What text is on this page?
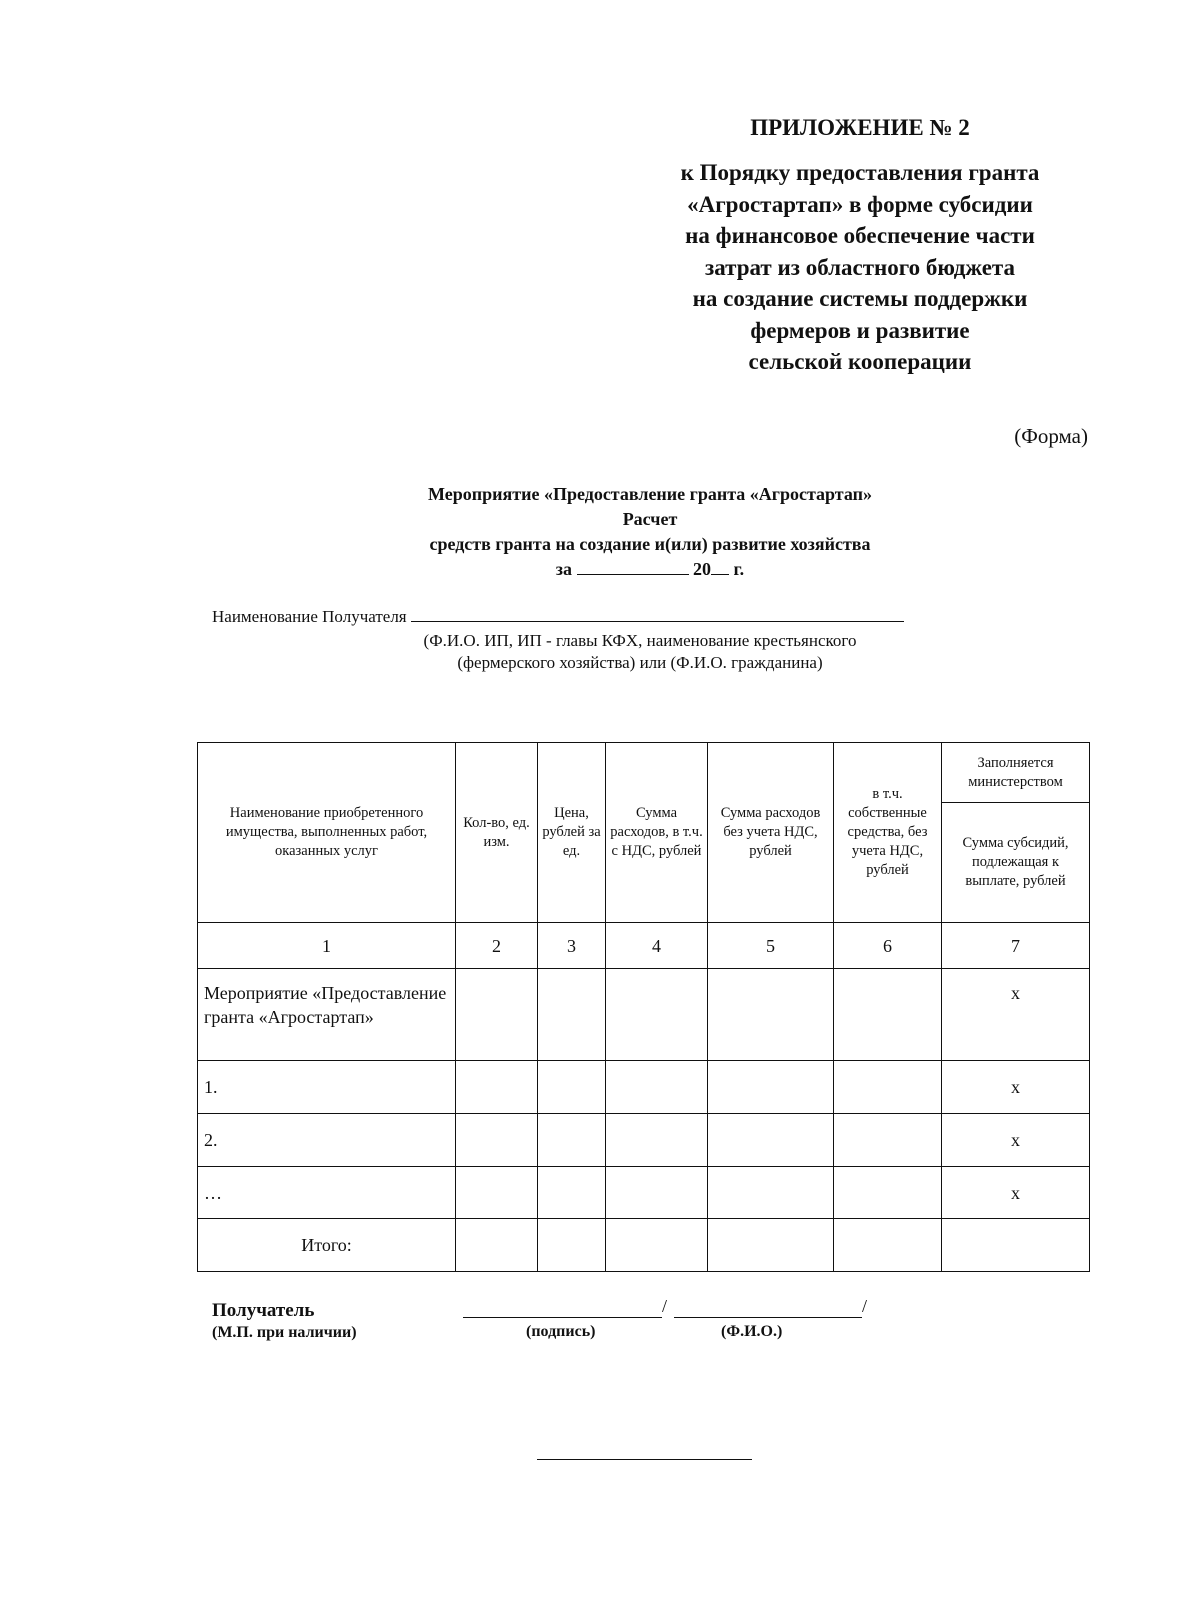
ПРИЛОЖЕНИЕ № 2
к Порядку предоставления гранта
«Агростартап» в форме субсидии
на финансовое обеспечение части
затрат из областного бюджета
на создание системы поддержки
фермеров и развитие
сельской кооперации
(Форма)
Мероприятие «Предоставление гранта «Агростартап»
Расчет
средств гранта на создание и(или) развитие хозяйства
за	20 г.
Наименование Получателя
(Ф.И.О. ИП, ИП - главы КФХ, наименование крестьянского
(фермерского хозяйства) или (Ф.И.О. гражданина)
Наименование приобретенного имущества, выполненных работ, оказанных услуг	Кол-во, ед. изм.	Цена, рублей за ед.	Сумма расходов, в т.ч. с НДС, рублей	Сумма расходов без учета НДС, рублей	в т.ч. собственные средства, без учета НДС, рублей	Заполняется министерством
						Сумма субсидий, подлежащая к выплате, рублей
1	2	3	4	5	6	7
Мероприятие «Предоставление гранта «Агростартап»						х
1.						х
2.						х
…						х
Итого:						
Получатель
(М.П. при наличии)
/	/
(подпись)	(Ф.И.О.)
